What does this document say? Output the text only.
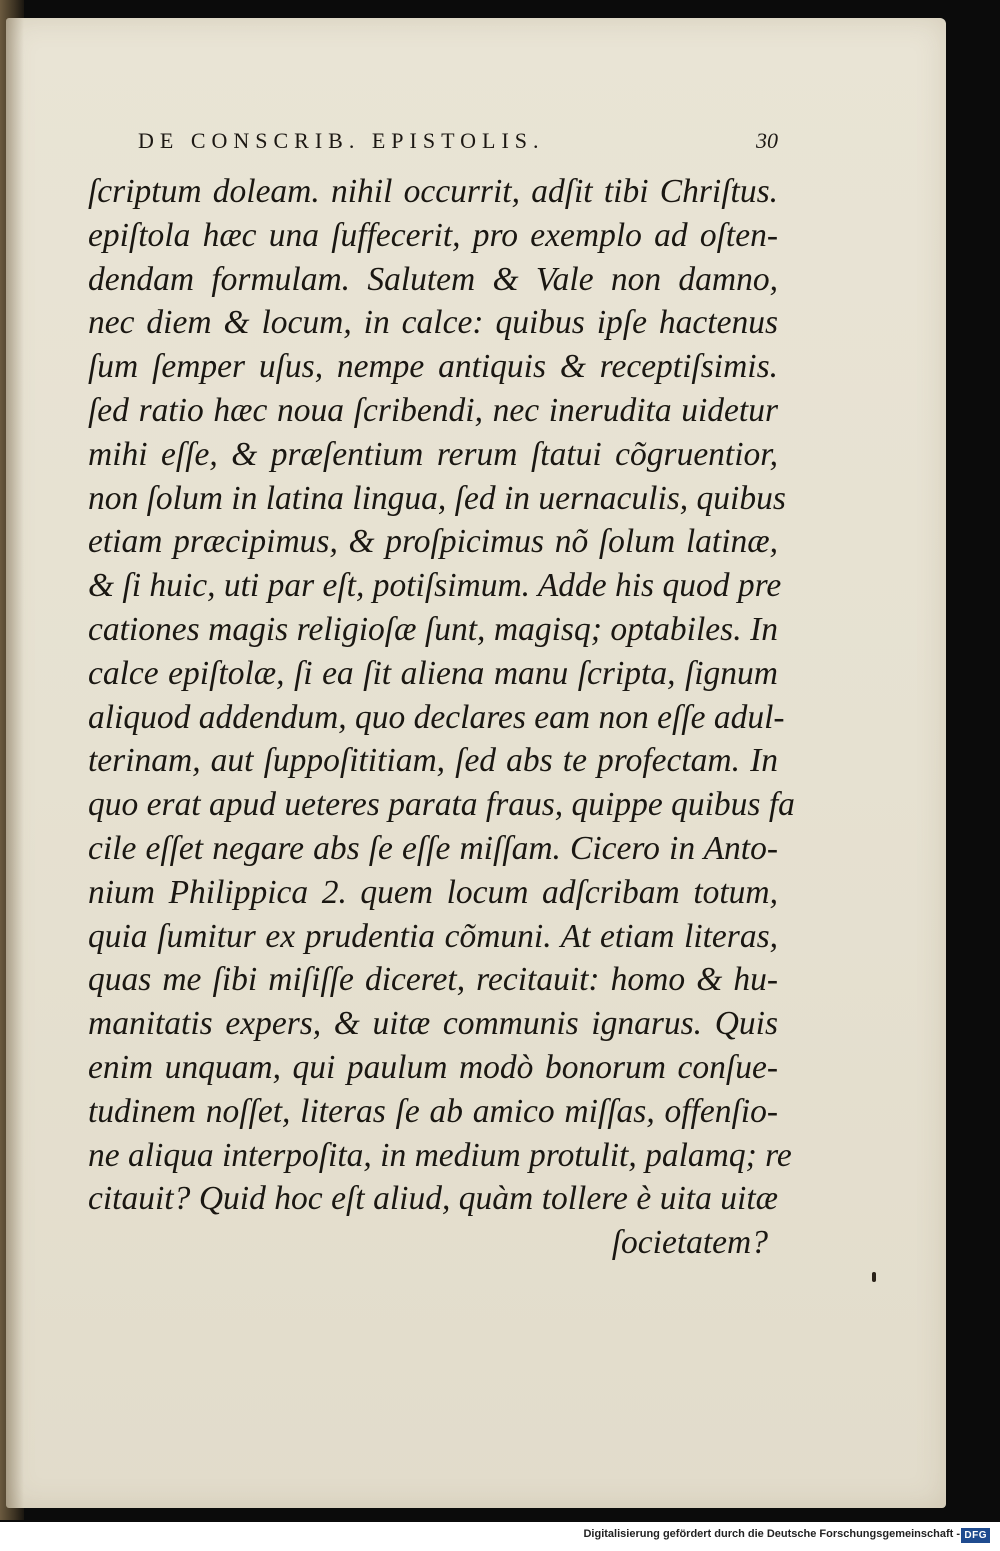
DE CONSCRIB. EPISTOLIS.	30
ſcriptum doleam. nihil occurrit, adſit tibi Chriſtus.
epiſtola hæc una ſuffecerit, pro exemplo ad oſten-
dendam formulam. Salutem & Vale non damno,
nec diem & locum, in calce: quibus ipſe hactenus
ſum ſemper uſus, nempe antiquis & receptiſsimis.
ſed ratio hæc noua ſcribendi, nec inerudita uidetur
mihi eſſe, & præſentium rerum ſtatui cõgruentior,
non ſolum in latina lingua, ſed in uernaculis, quibus
etiam præcipimus, & proſpicimus nõ ſolum latinæ,
& ſi huic, uti par eſt, potiſsimum. Adde his quod pre
cationes magis religioſæ ſunt, magisq; optabiles. In
calce epiſtolæ, ſi ea ſit aliena manu ſcripta, ſignum
aliquod addendum, quo declares eam non eſſe adul-
terinam, aut ſuppoſititiam, ſed abs te profectam. In
quo erat apud ueteres parata fraus, quippe quibus fa
cile eſſet negare abs ſe eſſe miſſam. Cicero in Anto-
nium Philippica 2. quem locum adſcribam totum,
quia ſumitur ex prudentia cõmuni. At etiam literas,
quas me ſibi miſiſſe diceret, recitauit: homo & hu-
manitatis expers, & uitæ communis ignarus. Quis
enim unquam, qui paulum modò bonorum conſue-
tudinem noſſet, literas ſe ab amico miſſas, offenſio-
ne aliqua interpoſita, in medium protulit, palamq; re
citauit? Quid hoc eſt aliud, quàm tollere è uita uitæ
ſocietatem?
Digitalisierung gefördert durch die Deutsche Forschungsgemeinschaft - DFG
